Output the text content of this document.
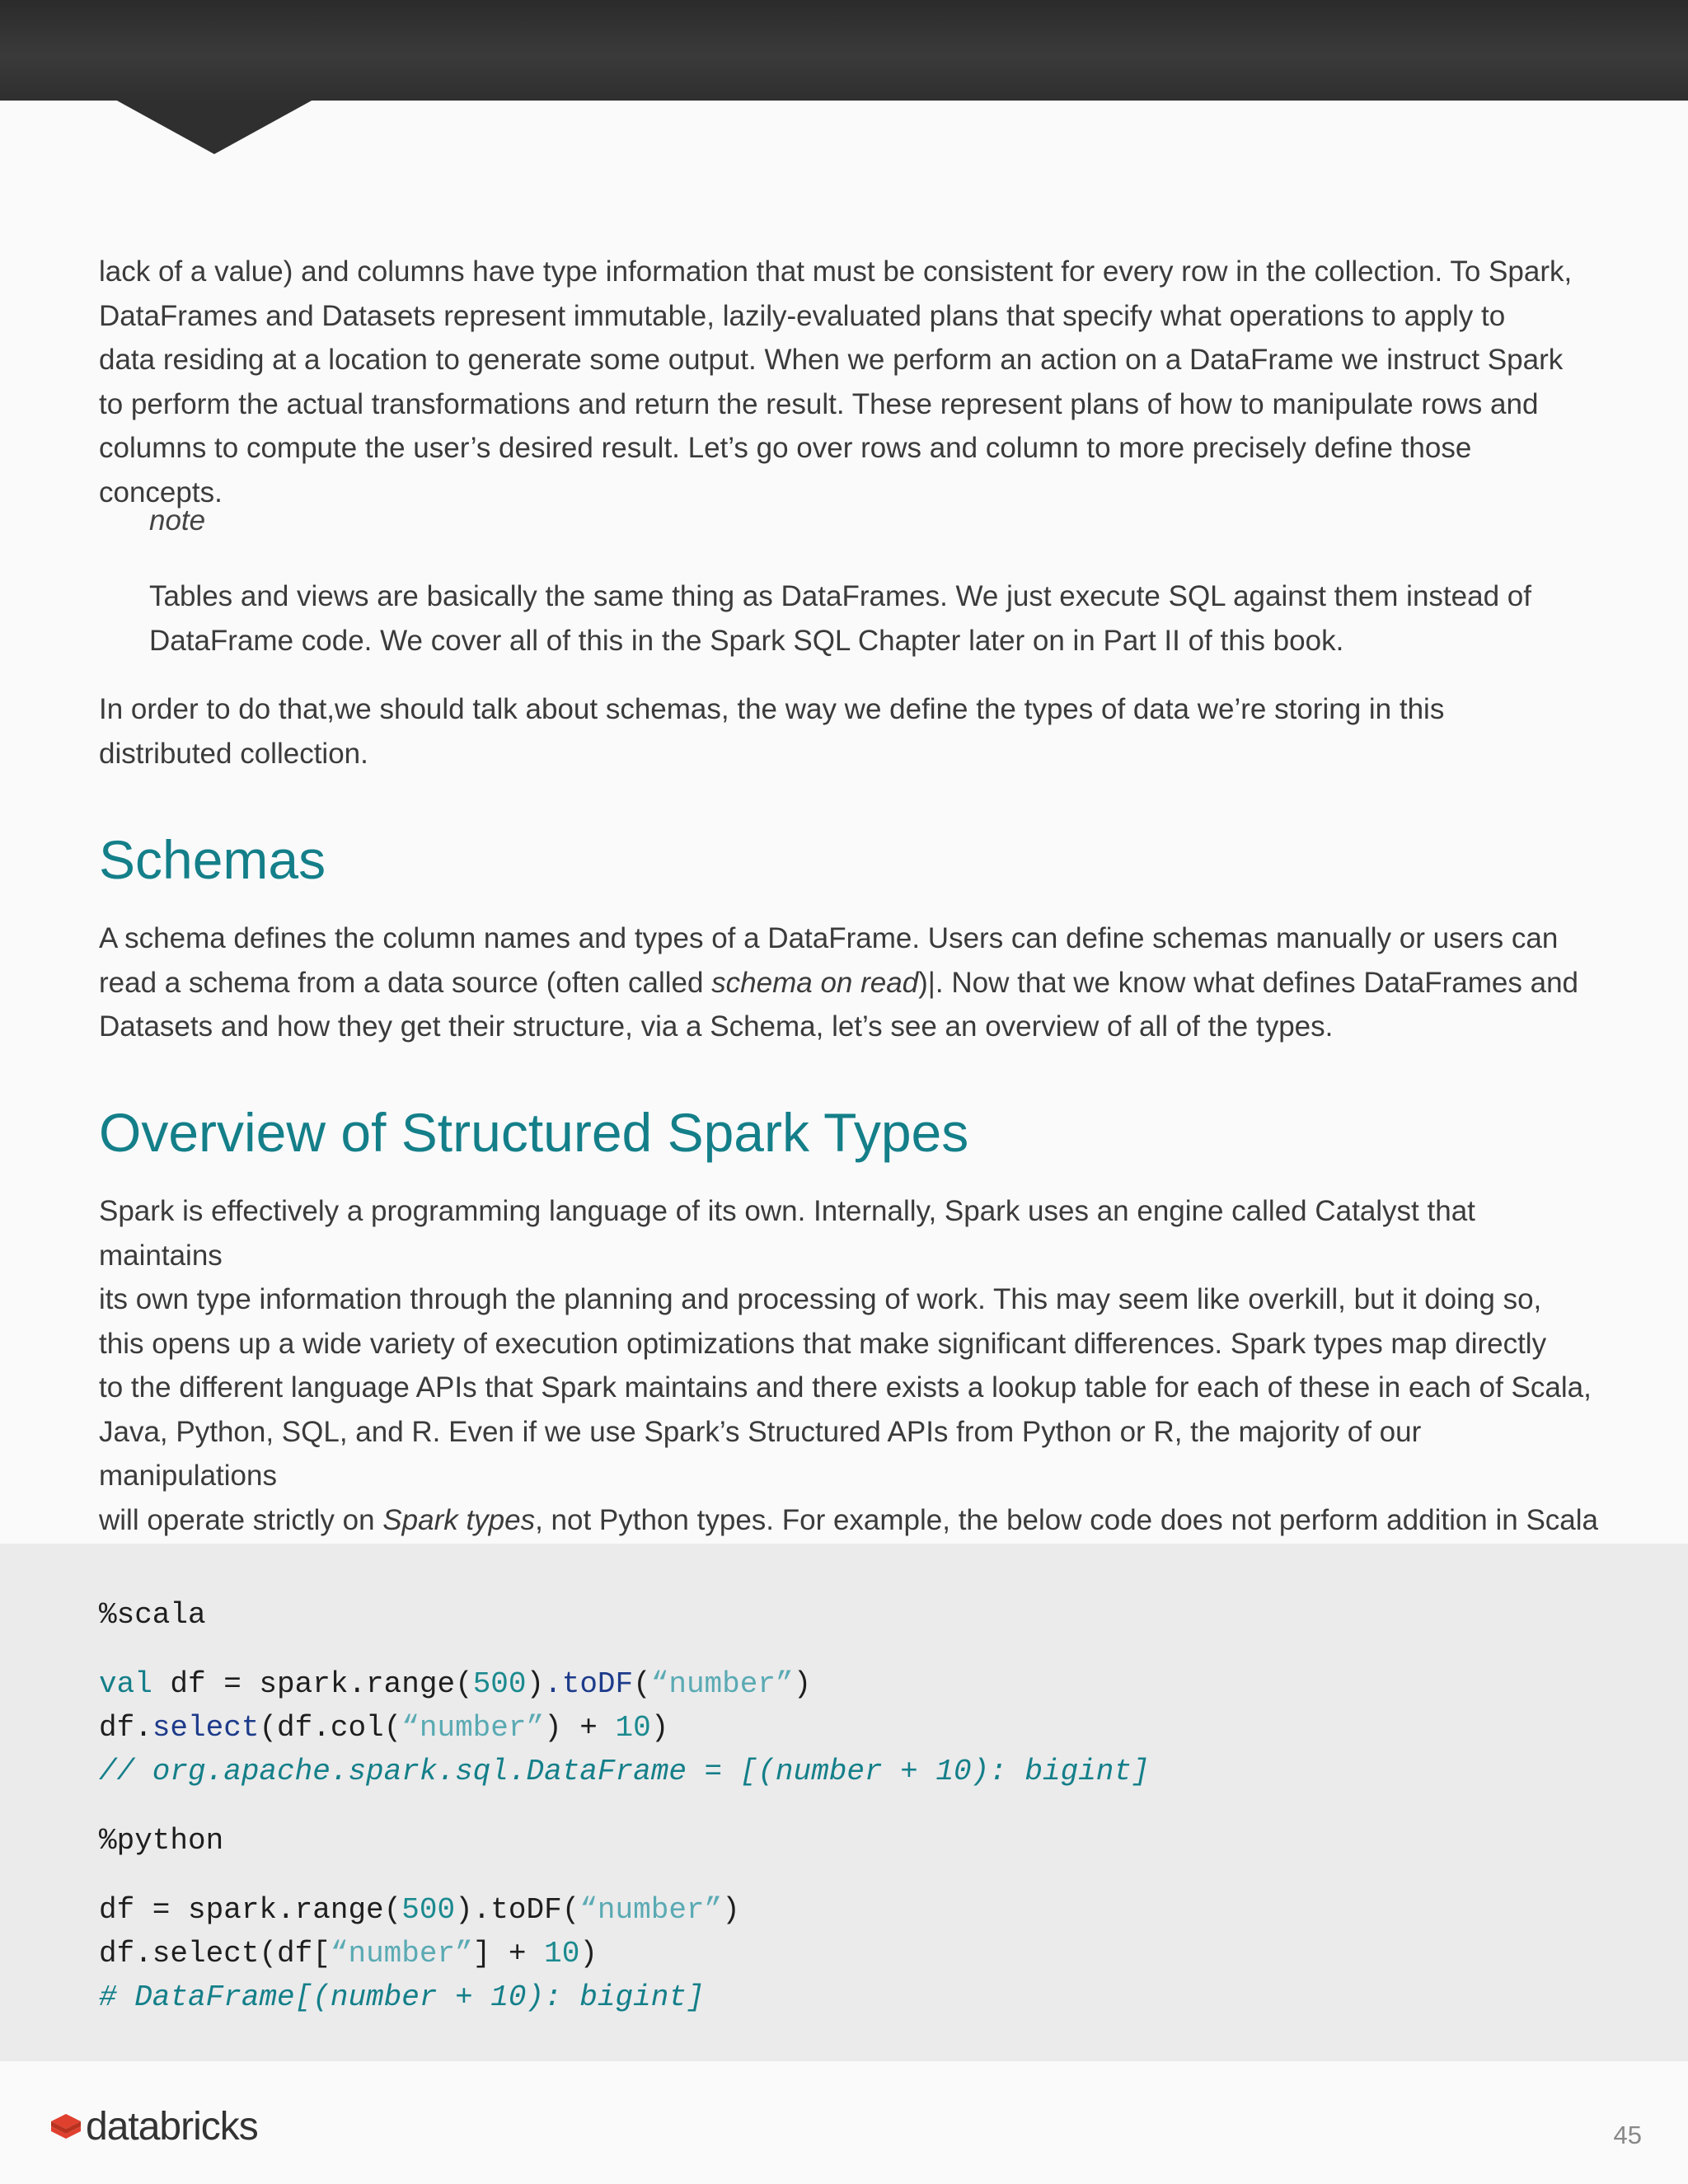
lack of a value) and columns have type information that must be consistent for every row in the collection. To Spark,

DataFrames and Datasets represent immutable, lazily-evaluated plans that specify what operations to apply to

data residing at a location to generate some output. When we perform an action on a DataFrame we instruct Spark

to perform the actual transformations and return the result. These represent plans of how to manipulate rows and

columns to compute the user’s desired result. Let’s go over rows and column to more precisely define those concepts.

note

Tables and views are basically the same thing as DataFrames. We just execute SQL against them instead of

DataFrame code. We cover all of this in the Spark SQL Chapter later on in Part II of this book.

In order to do that,we should talk about schemas, the way we define the types of data we’re storing in this

distributed collection.

Schemas

A schema defines the column names and types of a DataFrame. Users can define schemas manually or users can

read a schema from a data source (often called schema on read)|. Now that we know what defines DataFrames and

Datasets and how they get their structure, via a Schema, let’s see an overview of all of the types.

Overview of Structured Spark Types

Spark is effectively a programming language of its own. Internally, Spark uses an engine called Catalyst that maintains

its own type information through the planning and processing of work. This may seem like overkill, but it doing so,

this opens up a wide variety of execution optimizations that make significant differences. Spark types map directly

to the different language APIs that Spark maintains and there exists a lookup table for each of these in each of Scala,

Java, Python, SQL, and R. Even if we use Spark’s Structured APIs from Python or R, the majority of our manipulations

will operate strictly on Spark types, not Python types. For example, the below code does not perform addition in Scala

%scala
val df = spark.range(500).toDF(“number”)
df.select(df.col(“number”) + 10)
// org.apache.spark.sql.DataFrame = [(number + 10): bigint]
%python
df = spark.range(500).toDF(“number”)
df.select(df[“number”] + 10)
# DataFrame[(number + 10): bigint]
databricks	45
